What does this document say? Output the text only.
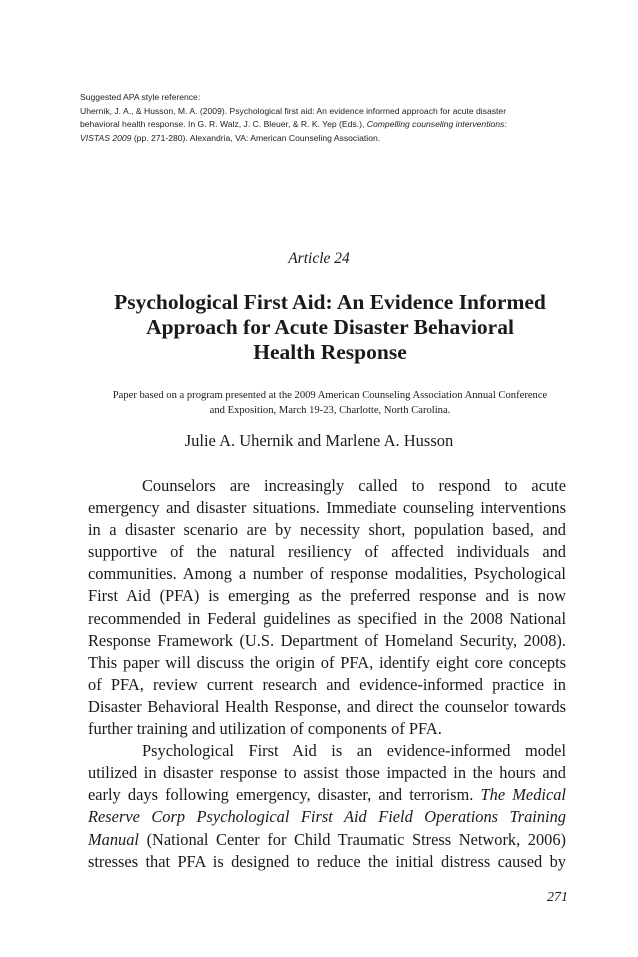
Suggested APA style reference:
Uhernik, J. A., & Husson, M. A. (2009). Psychological first aid: An evidence informed approach for acute disaster
behavioral health response. In G. R. Walz, J. C. Bleuer, & R. K. Yep (Eds.), Compelling counseling interventions:
VISTAS 2009 (pp. 271-280). Alexandria, VA: American Counseling Association.
Article 24
Psychological First Aid: An Evidence Informed
Approach for Acute Disaster Behavioral
Health Response
Paper based on a program presented at the 2009 American Counseling Association Annual Conference
and Exposition, March 19-23, Charlotte, North Carolina.
Julie A. Uhernik and Marlene A. Husson
Counselors are increasingly called to respond to acute
emergency and disaster situations. Immediate counseling interventions
in a disaster scenario are by necessity short, population based, and
supportive of the natural resiliency of affected individuals and
communities. Among a number of response modalities, Psychological
First Aid (PFA) is emerging as the preferred response and is now
recommended in Federal guidelines as specified in the 2008 National
Response Framework (U.S. Department of Homeland Security, 2008).
This paper will discuss the origin of PFA, identify eight core concepts
of PFA, review current research and evidence-informed practice in
Disaster Behavioral Health Response, and direct the counselor towards
further training and utilization of components of PFA.
Psychological First Aid is an evidence-informed model
utilized in disaster response to assist those impacted in the hours and
early days following emergency, disaster, and terrorism. The Medical
Reserve Corp Psychological First Aid Field Operations Training
Manual (National Center for Child Traumatic Stress Network, 2006)
stresses that PFA is designed to reduce the initial distress caused by
271
